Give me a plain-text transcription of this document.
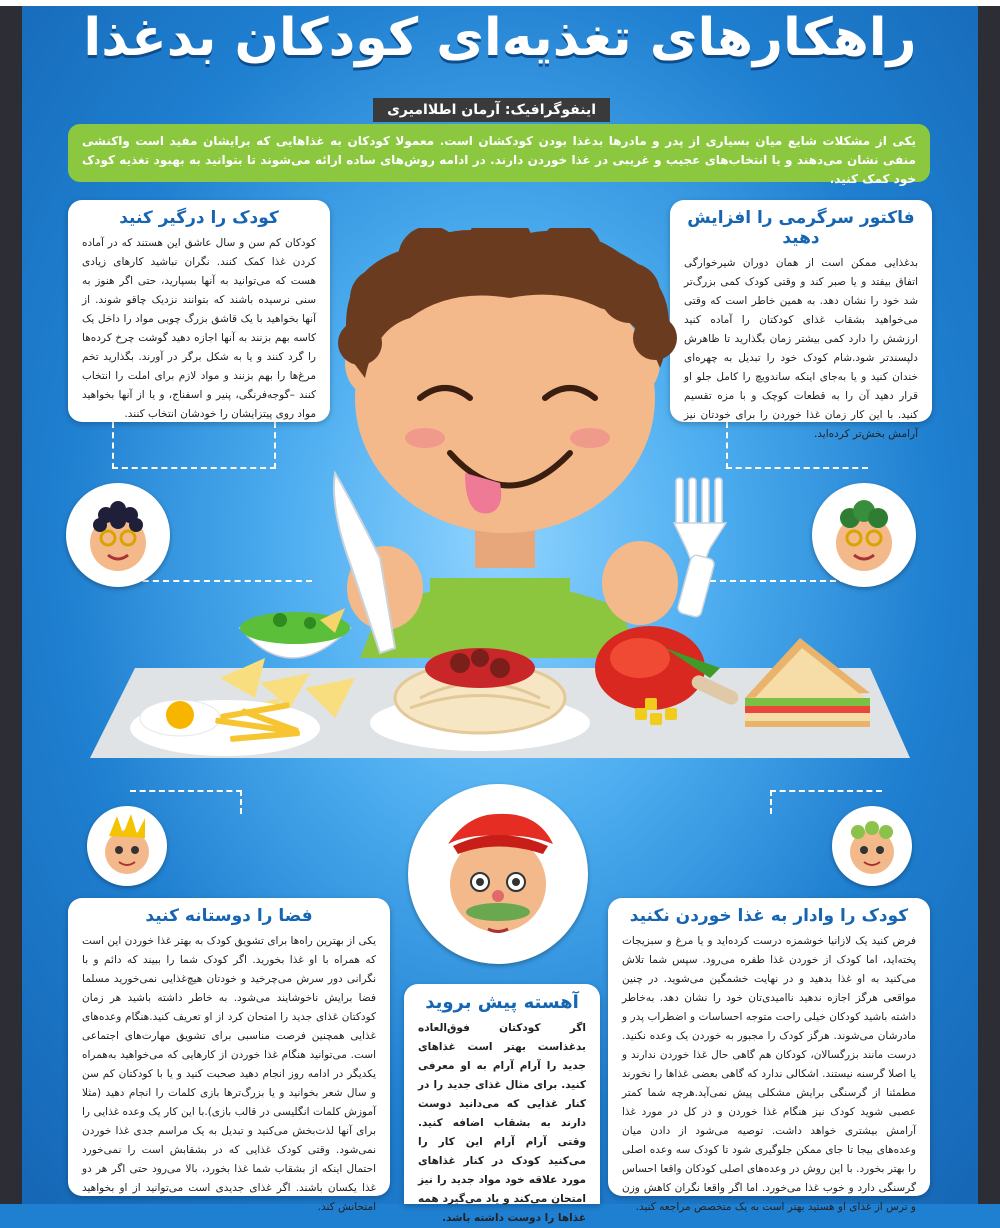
راهکارهای تغذیه‌ای کودکان بدغذا
اینفوگرافیک: آرمان اطلاامیری
یکی از مشکلات شایع میان بسیاری از پدر و مادرها بدغذا بودن کودکشان است. معمولا کودکان به غذاهایی که برایشان مفید است واکنشی منفی نشان می‌دهند و یا انتخاب‌های عجیب و غریبی در غذا خوردن دارند. در ادامه روش‌های ساده ارائه می‌شوند تا بتوانید به بهبود تغذیه کودک خود کمک کنید.
کودک را درگیر کنید

کودکان کم سن و سال عاشق این هستند که در آماده کردن غذا کمک کنند. نگران نباشید کارهای زیادی هست که می‌توانید به آنها بسپارید، حتی اگر هنوز به سنی نرسیده باشند که بتوانند نزدیک چاقو شوند. از آنها بخواهید با یک قاشق بزرگ چوبی مواد را داخل یک کاسه بهم بزنند به آنها اجازه دهید گوشت چرخ کرده‌ها را گرد کنند و یا به شکل برگر در آورند. بگذارید تخم مرغ‌ها را بهم بزنند و مواد لازم برای املت را انتخاب کنند –گوجه‌فرنگی، پنیر و اسفناج، و یا از آنها بخواهید مواد روی پیتزایشان را خودشان انتخاب کنند.

فاکتور سرگرمی را افزایش دهید

بدغذایی ممکن است از همان دوران شیرخوارگی اتفاق بیفتد و یا صبر کند و وقتی کودک کمی بزرگ‌تر شد خود را نشان دهد. به همین خاطر است که وقتی می‌خواهید بشقاب غذای کودکتان را آماده کنید ارزشش را دارد کمی بیشتر زمان بگذارید تا ظاهرش دلپسندتر شود.شام کودک خود را تبدیل به چهره‌ای خندان کنید و یا به‌جای اینکه ساندویچ را کامل جلو او قرار دهید آن را به قطعات کوچک و با مزه تقسیم کنید. با این کار زمان غذا خوردن را برای خودتان نیز آرامش بخش‌تر کرده‌اید.

فضا را دوستانه کنید

یکی از بهترین راه‌ها برای تشویق کودک به بهتر غذا خوردن این است که همراه با او غذا بخورید. اگر کودک شما را ببیند که دائم و با نگرانی دور سرش می‌چرخید و خودتان هیچ‌غذایی نمی‌خورید مسلما فضا برایش ناخوشایند می‌شود. به خاطر داشته باشید هر زمان کودکتان غذای جدید را امتحان کرد از او تعریف کنید.هنگام وعده‌های غذایی همچنین فرصت مناسبی برای تشویق مهارت‌های اجتماعی است. می‌توانید هنگام غذا خوردن از کارهایی که می‌خواهید به‌همراه یکدیگر در ادامه روز انجام دهید صحبت کنید و یا با کودکتان کم سن و سال شعر بخوانید و یا بزرگ‌ترها بازی کلمات را انجام دهید (مثلا آموزش کلمات انگلیسی در قالب بازی).با این کار یک وعده غذایی را برای آنها لذت‌بخش می‌کنید و تبدیل به یک مراسم جدی غذا خوردن نمی‌شود. وقتی کودک غذایی که در بشقابش است را نمی‌خورد احتمال اینکه از بشقاب شما غذا بخورد، بالا می‌رود حتی اگر هر دو غذا یکسان باشند. اگر غذای جدیدی است می‌توانید از او بخواهید امتحانش کند.

کودک را وادار به غذا خوردن نکنید

فرض کنید یک لازانیا خوشمزه درست کرده‌اید و یا مرغ و سبزیجات پخته‌اید، اما کودک از خوردن غذا طفره می‌رود. سپس شما تلاش می‌کنید به او غذا بدهید و در نهایت خشمگین می‌شوید. در چنین مواقعی هرگز اجازه ندهید ناامیدی‌تان خود را نشان دهد. به‌خاطر داشته باشید کودکان خیلی راحت متوجه احساسات و اضطراب پدر و مادرشان می‌شوند. هرگز کودک را مجبور به خوردن یک وعده نکنید. درست مانند بزرگسالان، کودکان هم گاهی حال غذا خوردن ندارند و یا اصلا گرسنه نیستند. اشکالی ندارد که گاهی بعضی غذاها را نخورند مطمئنا از گرسنگی برایش مشکلی پیش نمی‌آید.هرچه شما کمتر عصبی شوید کودک نیز هنگام غذا خوردن و در کل در مورد غذا آرامش بیشتری خواهد داشت. توصیه می‌شود از دادن میان وعده‌های بیجا تا جای ممکن جلوگیری شود تا کودک سه وعده اصلی را بهتر بخورد. با این روش در وعده‌های اصلی کودکان واقعا احساس گرسنگی دارد و خوب غذا می‌خورد. اما اگر واقعا نگران کاهش وزن و ترس از غذای او هستید بهتر است به یک متخصص مراجعه کنید.

آهسته پیش بروید

اگر کودکتان فوق‌العاده بدغذاست بهتر است غذاهای جدید را آرام آرام به او معرفی کنید. برای مثال غذای جدید را در کنار غذایی که می‌دانید دوست دارند به بشقاب اضافه کنید. وقتی آرام آرام این کار را می‌کنید کودک در کنار غذاهای مورد علاقه خود مواد جدید را نیز امتحان می‌کند و یاد می‌گیرد همه غذاها را دوست داشته باشد.
